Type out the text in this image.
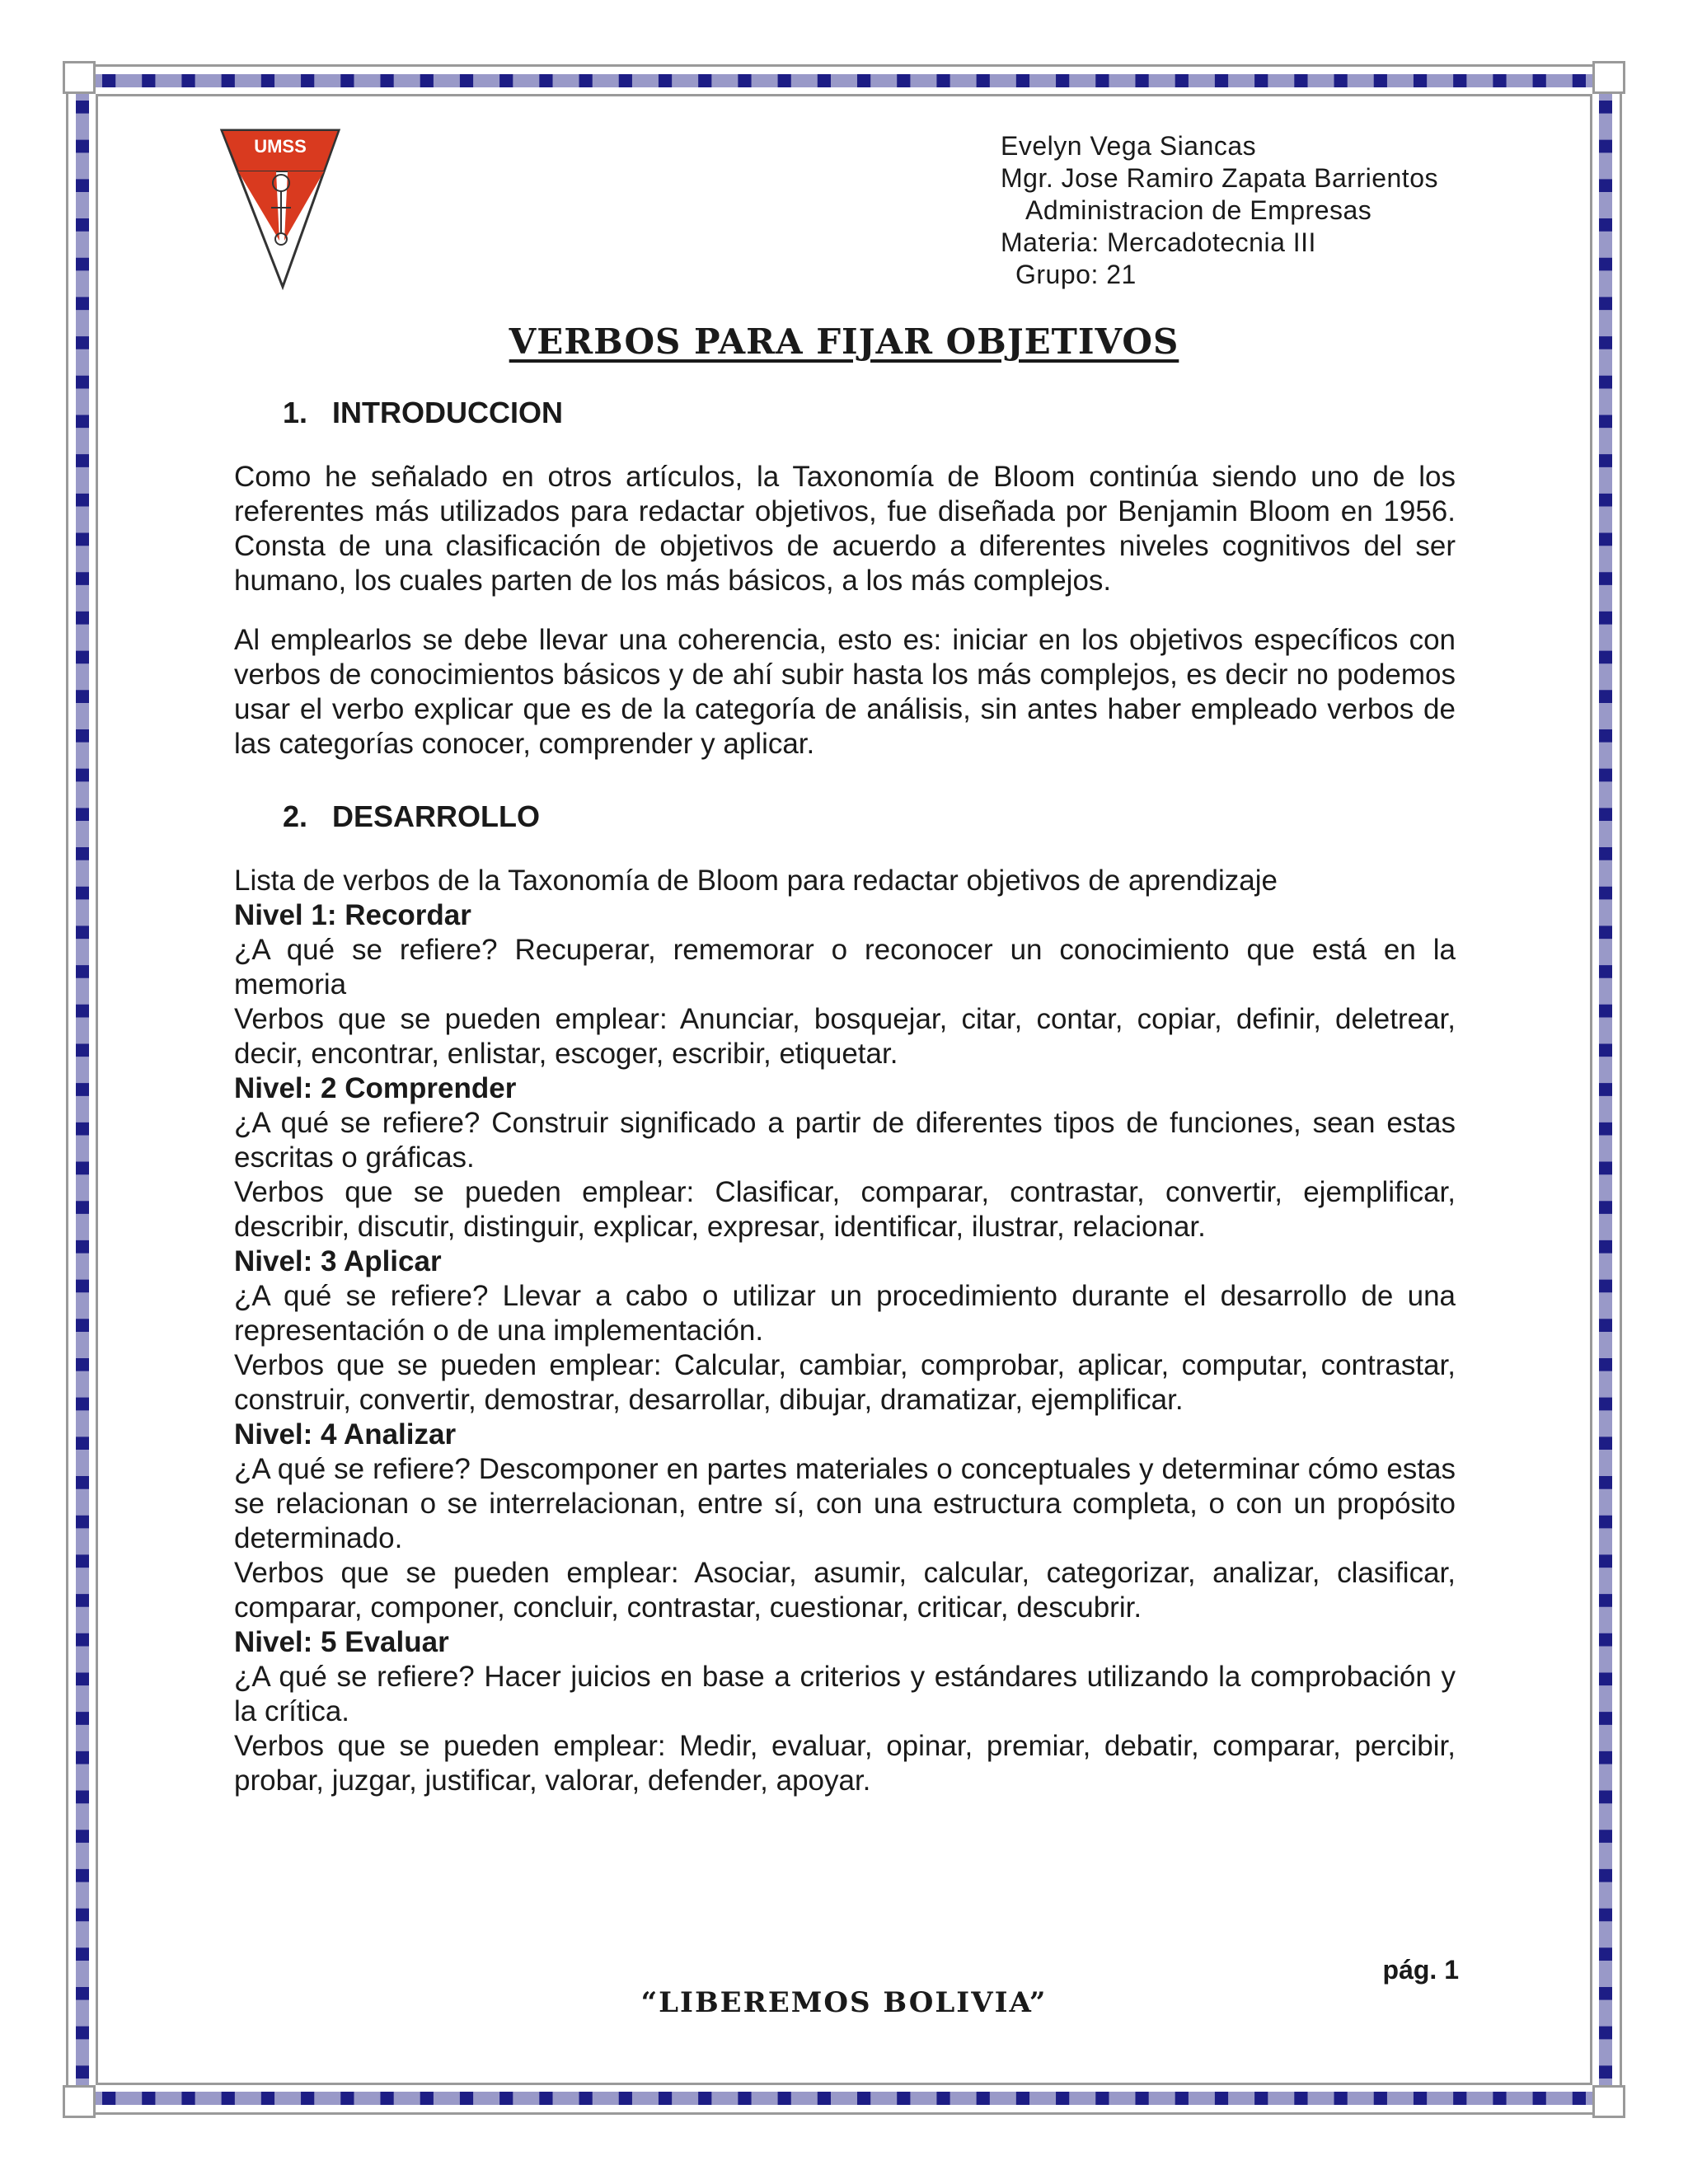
UMSS	Evelyn Vega Siancas
Mgr. Jose Ramiro Zapata Barrientos
Administracion de Empresas
Materia: Mercadotecnia III
Grupo: 21
VERBOS PARA FIJAR OBJETIVOS
1. INTRODUCCION

Como he señalado en otros artículos, la Taxonomía de Bloom continúa siendo uno de los referentes más utilizados para redactar objetivos, fue diseñada por Benjamin Bloom en 1956. Consta de una clasificación de objetivos de acuerdo a diferentes niveles cognitivos del ser humano, los cuales parten de los más básicos, a los más complejos.

Al emplearlos se debe llevar una coherencia, esto es: iniciar en los objetivos específicos con verbos de conocimientos básicos y de ahí subir hasta los más complejos, es decir no podemos usar el verbo explicar que es de la categoría de análisis, sin antes haber empleado verbos de las categorías conocer, comprender y aplicar.

2. DESARROLLO

Lista de verbos de la Taxonomía de Bloom para redactar objetivos de aprendizaje

Nivel 1: Recordar

¿A qué se refiere? Recuperar, rememorar o reconocer un conocimiento que está en la memoria

Verbos que se pueden emplear: Anunciar, bosquejar, citar, contar, copiar, definir, deletrear, decir, encontrar, enlistar, escoger, escribir, etiquetar.

Nivel: 2 Comprender

¿A qué se refiere? Construir significado a partir de diferentes tipos de funciones, sean estas escritas o gráficas.

Verbos que se pueden emplear: Clasificar, comparar, contrastar, convertir, ejemplificar, describir, discutir, distinguir, explicar, expresar, identificar, ilustrar, relacionar.

Nivel: 3 Aplicar

¿A qué se refiere? Llevar a cabo o utilizar un procedimiento durante el desarrollo de una representación o de una implementación.

Verbos que se pueden emplear: Calcular, cambiar, comprobar, aplicar, computar, contrastar, construir, convertir, demostrar, desarrollar, dibujar, dramatizar, ejemplificar.

Nivel: 4 Analizar

¿A qué se refiere? Descomponer en partes materiales o conceptuales y determinar cómo estas se relacionan o se interrelacionan, entre sí, con una estructura completa, o con un propósito determinado.

Verbos que se pueden emplear: Asociar, asumir, calcular, categorizar, analizar, clasificar, comparar, componer, concluir, contrastar, cuestionar, criticar, descubrir.

Nivel: 5 Evaluar

¿A qué se refiere? Hacer juicios en base a criterios y estándares utilizando la comprobación y la crítica.

Verbos que se pueden emplear: Medir, evaluar, opinar, premiar, debatir, comparar, percibir, probar, juzgar, justificar, valorar, defender, apoyar.

pág. 1
“LIBEREMOS BOLIVIA”
